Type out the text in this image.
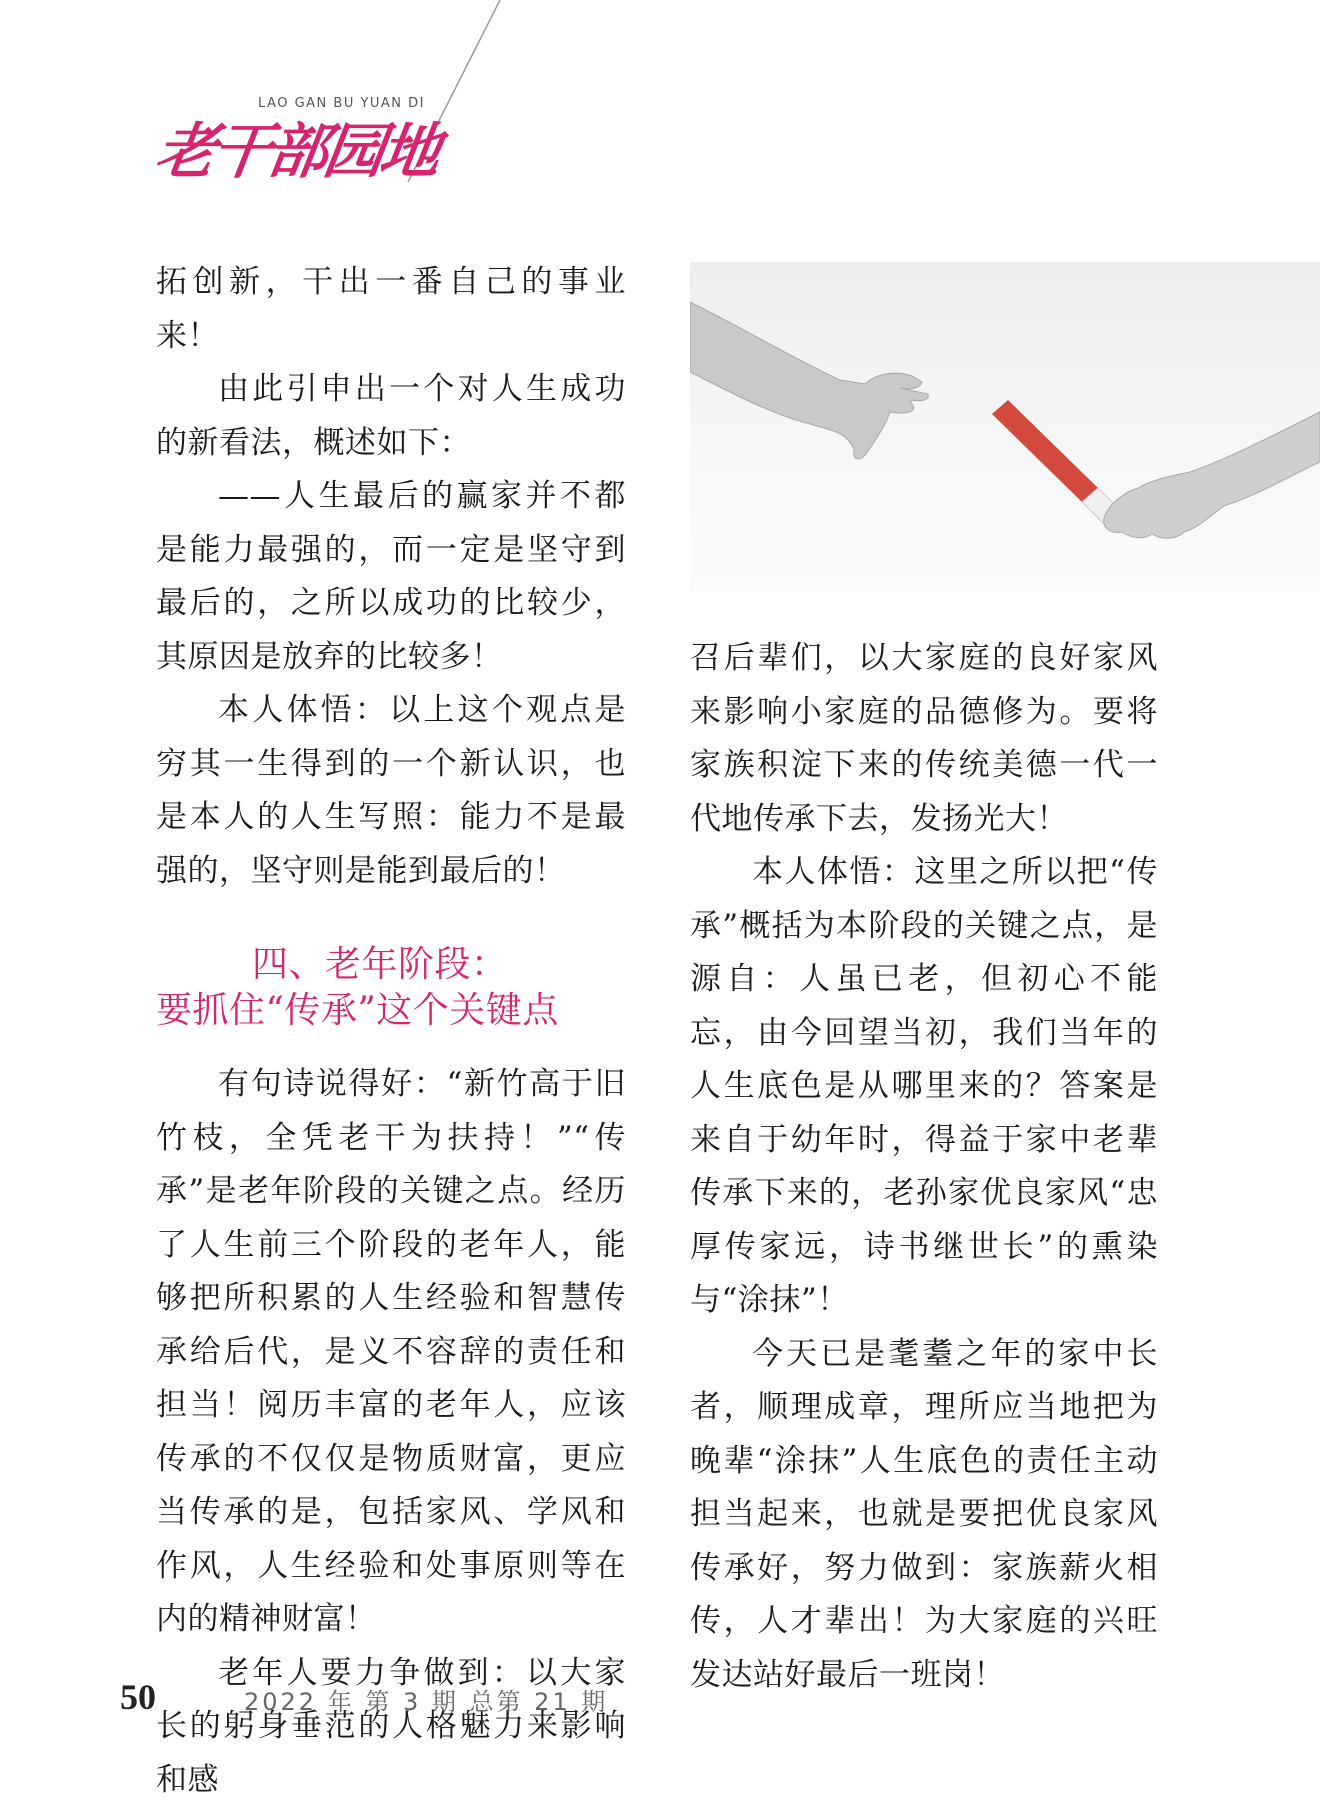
LAO GAN BU YUAN DI
老干部园地

拓创新，干出一番自己的事业来！

由此引申出一个对人生成功的新看法，概述如下：

——人生最后的赢家并不都是能力最强的，而一定是坚守到最后的，之所以成功的比较少，其原因是放弃的比较多！

本人体悟：以上这个观点是穷其一生得到的一个新认识，也是本人的人生写照：能力不是最强的，坚守则是能到最后的！

四、老年阶段：
要抓住“传承”这个关键点

有句诗说得好：“新竹高于旧竹枝，全凭老干为扶持！”“传承”是老年阶段的关键之点。经历了人生前三个阶段的老年人，能够把所积累的人生经验和智慧传承给后代，是义不容辞的责任和担当！阅历丰富的老年人，应该传承的不仅仅是物质财富，更应当传承的是，包括家风、学风和作风，人生经验和处事原则等在内的精神财富！

老年人要力争做到：以大家长的躬身垂范的人格魅力来影响和感

召后辈们，以大家庭的良好家风来影响小家庭的品德修为。要将家族积淀下来的传统美德一代一代地传承下去，发扬光大！

本人体悟：这里之所以把“传承”概括为本阶段的关键之点，是源自：人虽已老，但初心不能忘，由今回望当初，我们当年的人生底色是从哪里来的？答案是来自于幼年时，得益于家中老辈传承下来的，老孙家优良家风“忠厚传家远，诗书继世长”的熏染与“涂抹”！

今天已是耄耋之年的家中长者，顺理成章，理所应当地把为晚辈“涂抹”人生底色的责任主动担当起来，也就是要把优良家风传承好，努力做到：家族薪火相传，人才辈出！为大家庭的兴旺发达站好最后一班岗！

50	2022 年 第 3 期 总第 21 期
